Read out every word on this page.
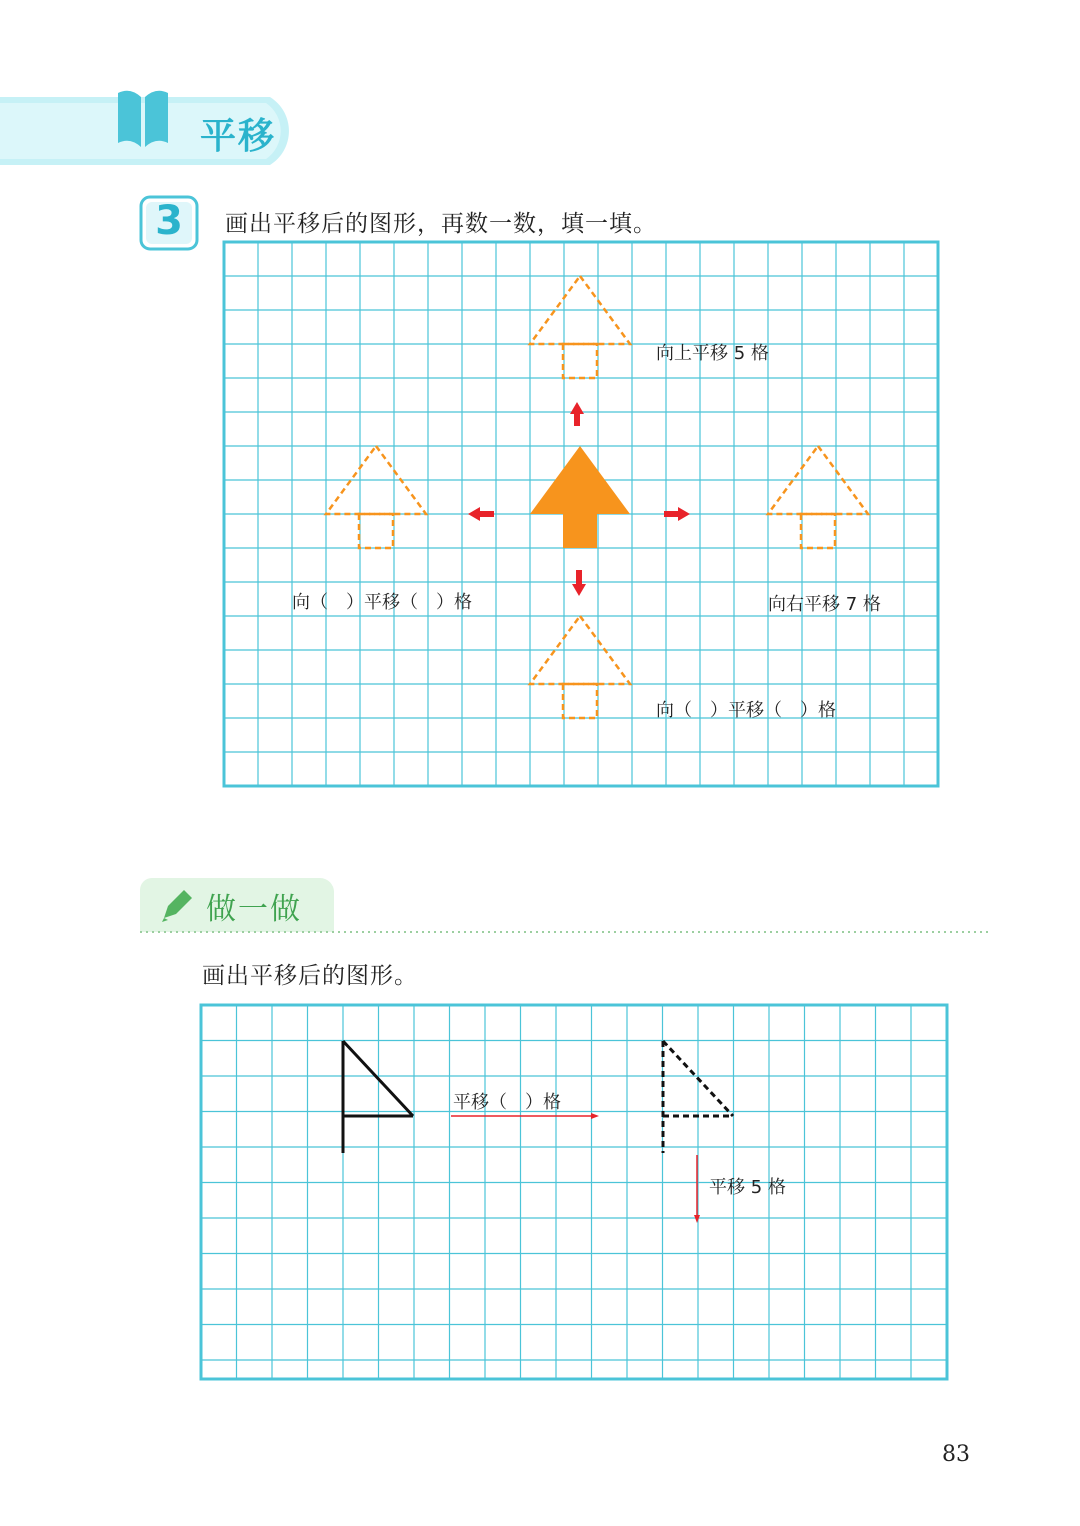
平移
3	画出平移后的图形，再数一数，填一填。
向上平移 5 格
向（　）平移（　）格	向右平移 7 格
向（　）平移（　）格
做一做
画出平移后的图形。
平移（　）格
平移 5 格
83
